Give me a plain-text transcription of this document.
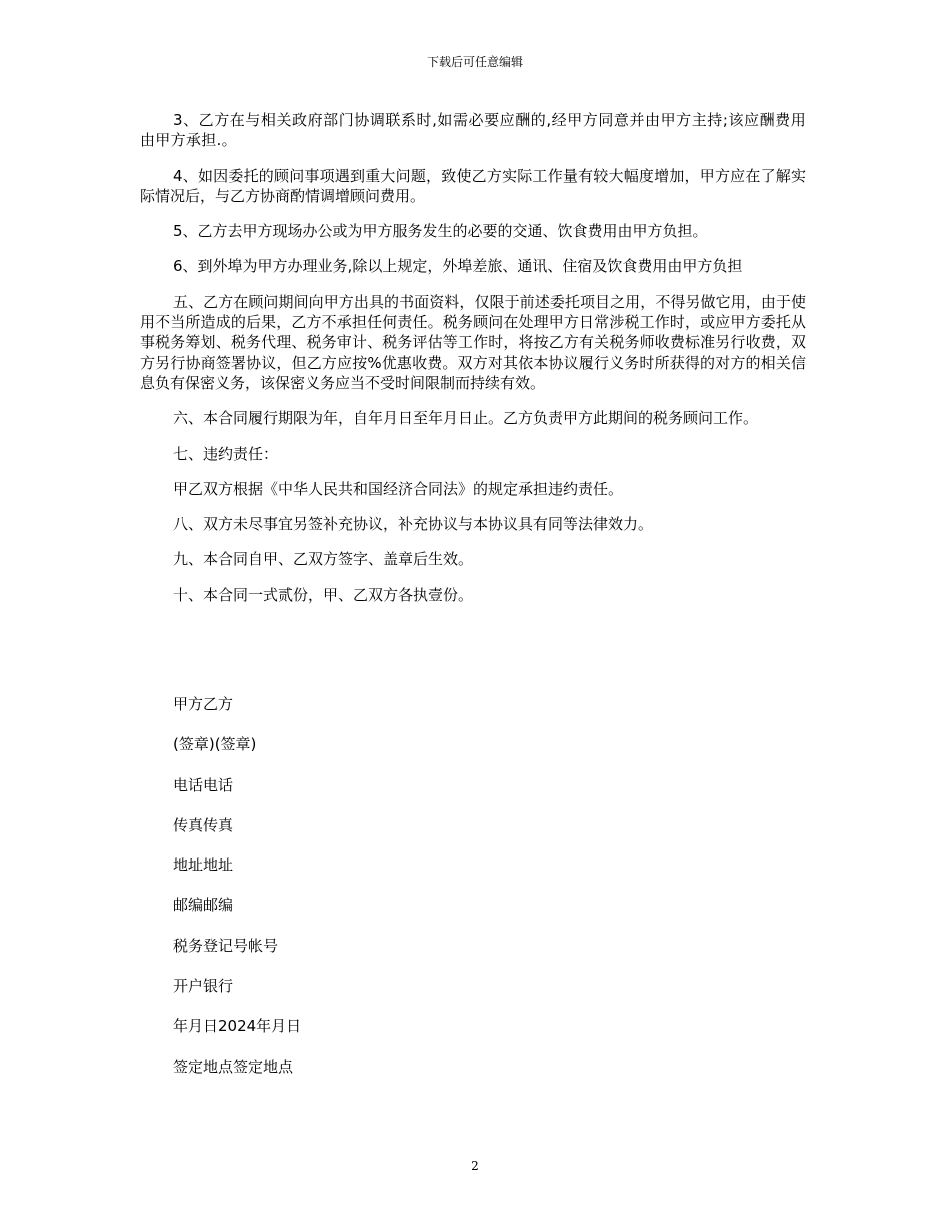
下载后可任意编辑

3、乙方在与相关政府部门协调联系时,如需必要应酬的,经甲方同意并由甲方主持;该应酬费用由甲方承担.。

4、如因委托的顾问事项遇到重大问题，致使乙方实际工作量有较大幅度增加，甲方应在了解实际情况后，与乙方协商酌情调增顾问费用。

5、乙方去甲方现场办公或为甲方服务发生的必要的交通、饮食费用由甲方负担。

6、到外埠为甲方办理业务,除以上规定，外埠差旅、通讯、住宿及饮食费用由甲方负担

五、乙方在顾问期间向甲方出具的书面资料，仅限于前述委托项目之用，不得另做它用，由于使用不当所造成的后果，乙方不承担任何责任。税务顾问在处理甲方日常涉税工作时，或应甲方委托从事税务筹划、税务代理、税务审计、税务评估等工作时，将按乙方有关税务师收费标准另行收费，双方另行协商签署协议，但乙方应按%优惠收费。双方对其依本协议履行义务时所获得的对方的相关信息负有保密义务，该保密义务应当不受时间限制而持续有效。

六、本合同履行期限为年，自年月日至年月日止。乙方负责甲方此期间的税务顾问工作。

七、违约责任：

甲乙双方根据《中华人民共和国经济合同法》的规定承担违约责任。

八、双方未尽事宜另签补充协议，补充协议与本协议具有同等法律效力。

九、本合同自甲、乙双方签字、盖章后生效。

十、本合同一式贰份，甲、乙双方各执壹份。

甲方乙方
(签章)(签章)
电话电话
传真传真
地址地址
邮编邮编
税务登记号帐号
开户银行
年月日2024年月日
签定地点签定地点
2
